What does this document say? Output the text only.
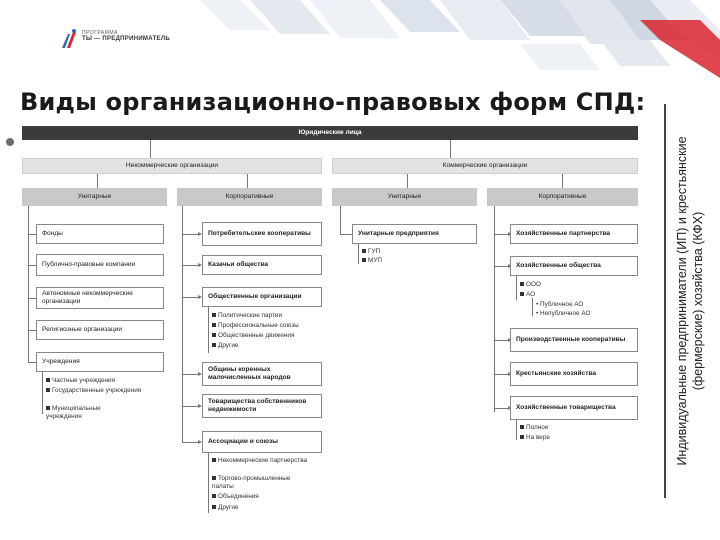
ПРОГРАММА
ТЫ — ПРЕДПРИНИМАТЕЛЬ
Виды организационно-правовых форм СПД:
Индивидуальные предприниматели (ИП) и крестьянские (фермерские) хозяйства (КФХ)
Юридические лица
Некоммерческие организации	Коммерческие организации
Унитарные	Корпоративные	Унитарные	Корпоративные
Фонды
Публично-правовые компании
Автономные некоммерческие организации
Религиозные организации
Учреждения
Частные учреждения
Государственные учреждения
Муниципальные учреждения
Потребительские кооперативы
Казачьи общества
Общественные организации
Политические партии
Профессиональные союзы
Общественные движения
Другие
Общины коренных малочисленных народов
Товарищества собственников недвижимости
Ассоциации и союзы
Некоммерческие партнерства
Торгово-промышленные палаты
Объединения
Другие
Унитарные предприятия
ГУП
МУП
Хозяйственные партнерства
Хозяйственные общества
ООО
АО
• Публичное АО
• Непубличное АО
Производственные кооперативы
Крестьянские хозяйства
Хозяйственные товарищества
Полное
На вере
